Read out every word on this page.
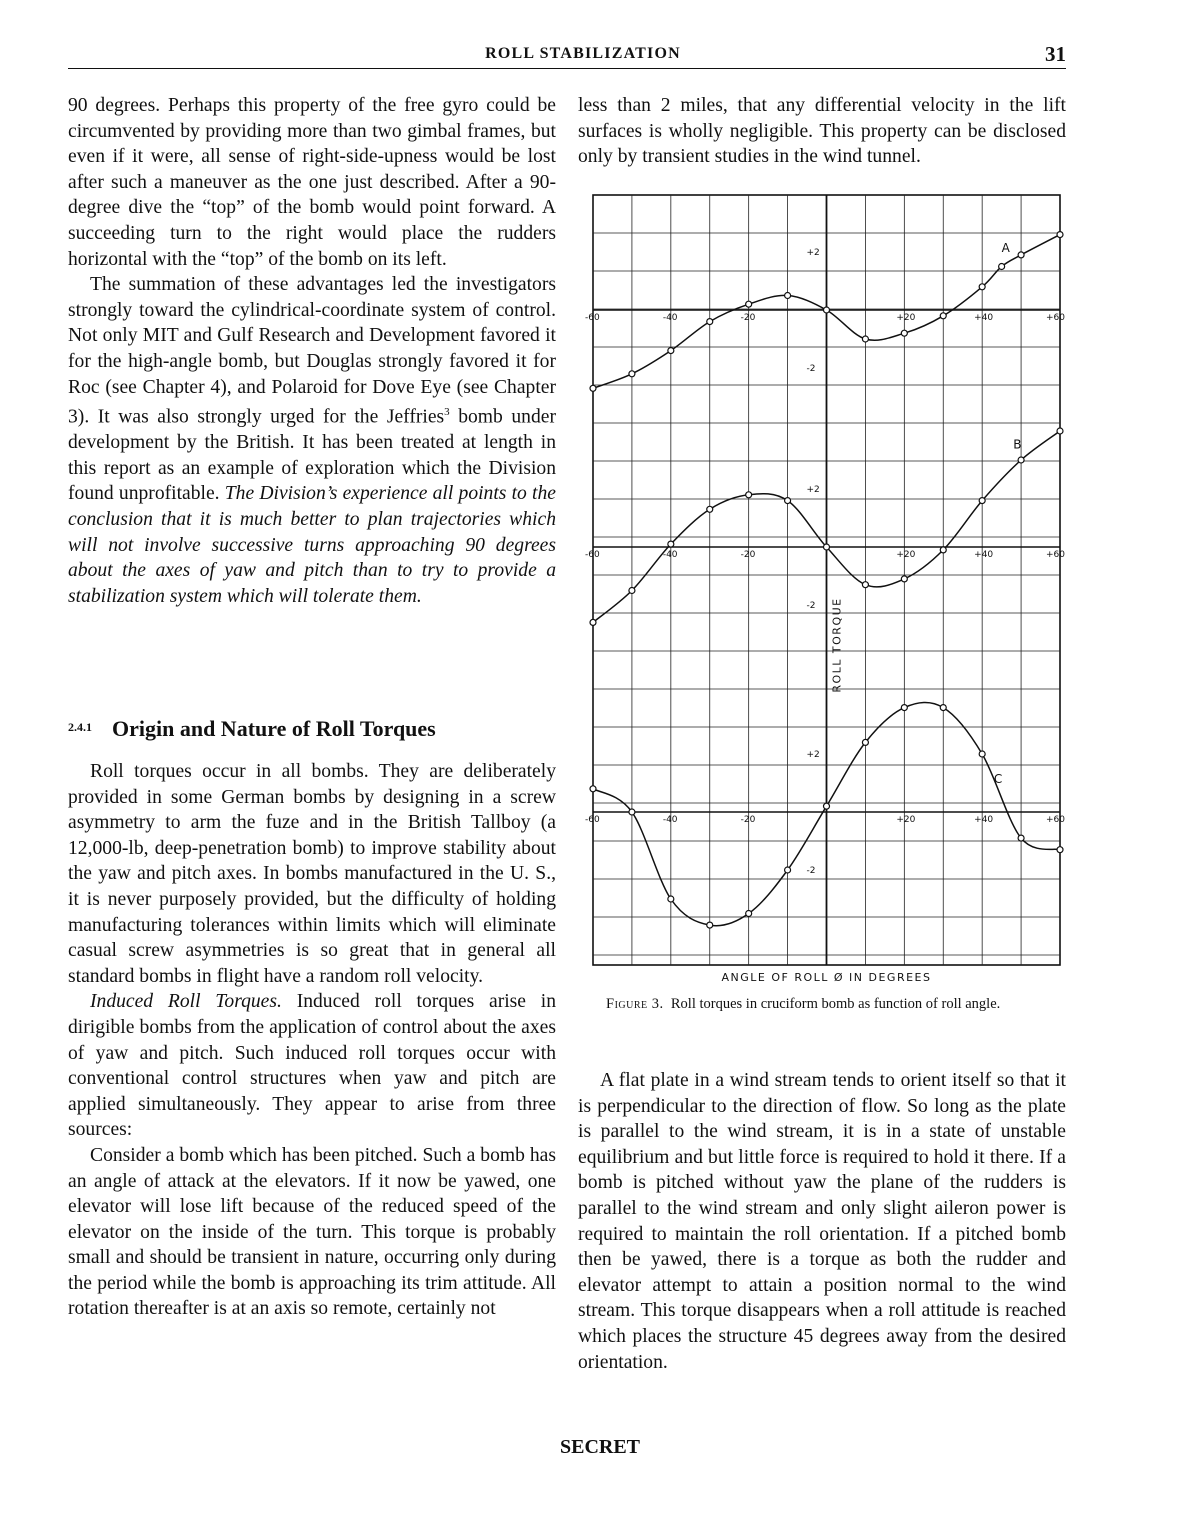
ROLL STABILIZATION	31

90 degrees. Perhaps this property of the free gyro could be circumvented by providing more than two gimbal frames, but even if it were, all sense of right-side-upness would be lost after such a maneuver as the one just described. After a 90-degree dive the “top” of the bomb would point forward. A succeeding turn to the right would place the rudders horizontal with the “top” of the bomb on its left.

The summation of these advantages led the investigators strongly toward the cylindrical-coordinate system of control. Not only MIT and Gulf Research and Development favored it for the high-angle bomb, but Douglas strongly favored it for Roc (see Chapter 4), and Polaroid for Dove Eye (see Chapter 3). It was also strongly urged for the Jeffries$^3$ bomb under development by the British. It has been treated at length in this report as an example of exploration which the Division found unprofitable. The Division’s experience all points to the conclusion that it is much better to plan trajectories which will not involve successive turns approaching 90 degrees about the axes of yaw and pitch than to try to provide a stabilization system which will tolerate them.

$^{2.4.1}$ Origin and Nature of Roll Torques

Roll torques occur in all bombs. They are deliberately provided in some German bombs by designing in a screw asymmetry to arm the fuze and in the British Tallboy (a 12,000-lb, deep-penetration bomb) to improve stability about the yaw and pitch axes. In bombs manufactured in the U. S., it is never purposely provided, but the difficulty of holding manufacturing tolerances within limits which will eliminate casual screw asymmetries is so great that in general all standard bombs in flight have a random roll velocity.

Induced Roll Torques. Induced roll torques arise in dirigible bombs from the application of control about the axes of yaw and pitch. Such induced roll torques occur with conventional control structures when yaw and pitch are applied simultaneously. They appear to arise from three sources:

Consider a bomb which has been pitched. Such a bomb has an angle of attack at the elevators. If it now be yawed, one elevator will lose lift because of the reduced speed of the elevator on the inside of the turn. This torque is probably small and should be transient in nature, occurring only during the period while the bomb is approaching its trim attitude. All rotation thereafter is at an axis so remote, certainly not

less than 2 miles, that any differential velocity in the lift surfaces is wholly negligible. This property can be disclosed only by transient studies in the wind tunnel.

-60	-40	-20	+20	+40	+60
+2
-2
A
-60	-40	-20	+20	+40	+60
+2
-2
B
-60	-40	-20	+20	+40	+60
+2
-2
C
ROLL TORQUE
ANGLE OF ROLL Ø IN DEGREES
Figure 3. Roll torques in cruciform bomb as function of roll angle.

A flat plate in a wind stream tends to orient itself so that it is perpendicular to the direction of flow. So long as the plate is parallel to the wind stream, it is in a state of unstable equilibrium and but little force is required to hold it there. If a bomb is pitched without yaw the plane of the rudders is parallel to the wind stream and only slight aileron power is required to maintain the roll orientation. If a pitched bomb then be yawed, there is a torque as both the rudder and elevator attempt to attain a position normal to the wind stream. This torque disappears when a roll attitude is reached which places the structure 45 degrees away from the desired orientation.

SECRET
